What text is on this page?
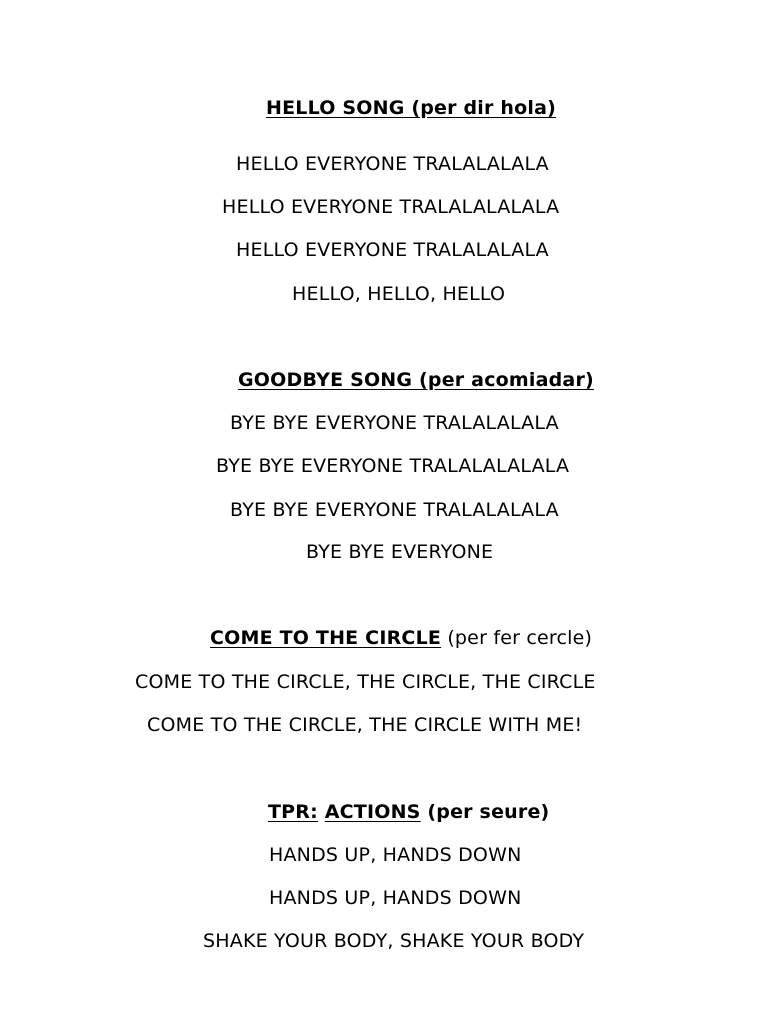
HELLO SONG (per dir hola)
HELLO EVERYONE TRALALALALA
HELLO EVERYONE TRALALALALALA
HELLO EVERYONE TRALALALALA
HELLO, HELLO, HELLO
GOODBYE SONG (per acomiadar)
BYE BYE EVERYONE TRALALALALA
BYE BYE EVERYONE TRALALALALALA
BYE BYE EVERYONE TRALALALALA
BYE BYE EVERYONE
COME TO THE CIRCLE (per fer cercle)
COME TO THE CIRCLE, THE CIRCLE, THE CIRCLE
COME TO THE CIRCLE, THE CIRCLE WITH ME!
TPR: ACTIONS (per seure)
HANDS UP, HANDS DOWN
HANDS UP, HANDS DOWN
SHAKE YOUR BODY, SHAKE YOUR BODY
